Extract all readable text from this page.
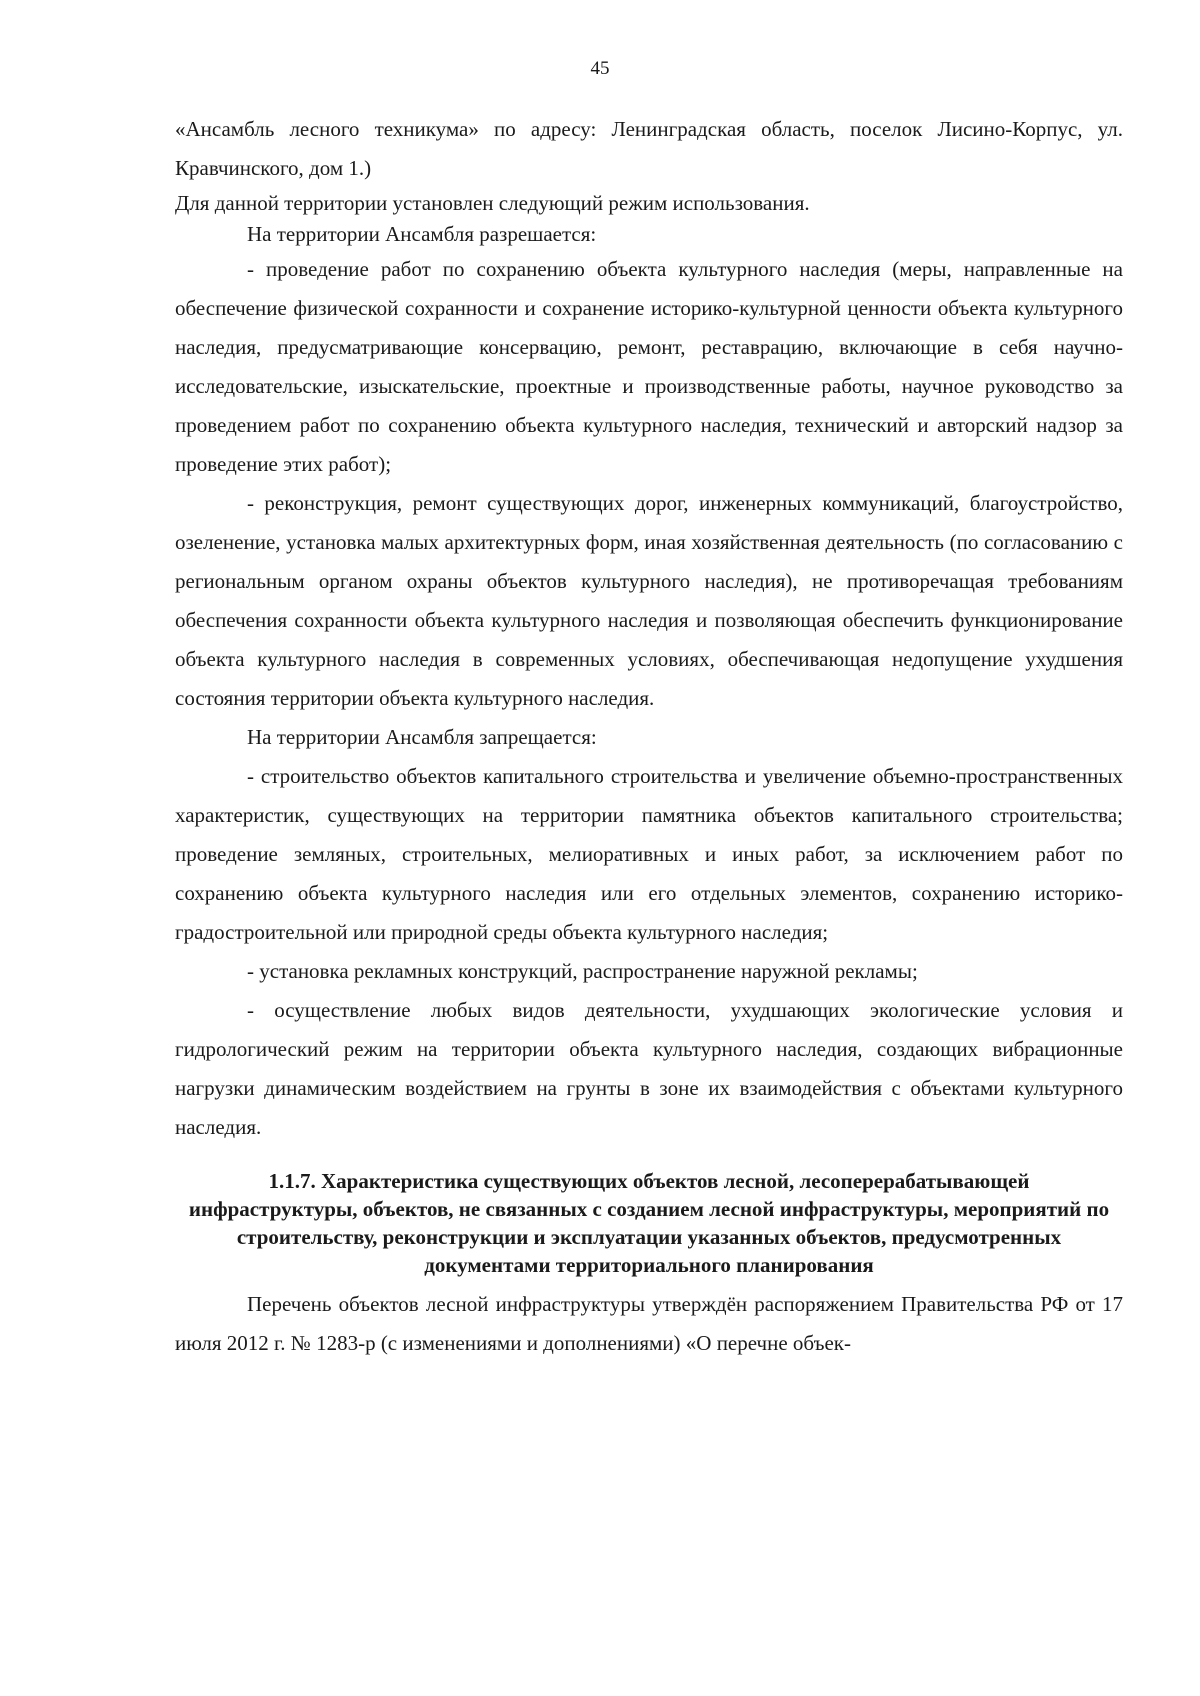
45

«Ансамбль лесного техникума» по адресу: Ленинградская область, поселок Лисино-Корпус, ул. Кравчинского, дом 1.)

Для данной территории установлен следующий режим использования.

На территории Ансамбля разрешается:

- проведение работ по сохранению объекта культурного наследия (меры, направленные на обеспечение физической сохранности и сохранение историко-культурной ценности объекта культурного наследия, предусматривающие консервацию, ремонт, реставрацию, включающие в себя научно-исследовательские, изыскательские, проектные и производственные работы, научное руководство за проведением работ по сохранению объекта культурного наследия, технический и авторский надзор за проведение этих работ);

- реконструкция, ремонт существующих дорог, инженерных коммуникаций, благоустройство, озеленение, установка малых архитектурных форм, иная хозяйственная деятельность (по согласованию с региональным органом охраны объектов культурного наследия), не противоречащая требованиям обеспечения сохранности объекта культурного наследия и позволяющая обеспечить функционирование объекта культурного наследия в современных условиях, обеспечивающая недопущение ухудшения состояния территории объекта культурного наследия.

На территории Ансамбля запрещается:

- строительство объектов капитального строительства и увеличение объемно-пространственных характеристик, существующих на территории памятника объектов капитального строительства; проведение земляных, строительных, мелиоративных и иных работ, за исключением работ по сохранению объекта культурного наследия или его отдельных элементов, сохранению историко-градостроительной или природной среды объекта культурного наследия;

- установка рекламных конструкций, распространение наружной рекламы;

- осуществление любых видов деятельности, ухудшающих экологические условия и гидрологический режим на территории объекта культурного наследия, создающих вибрационные нагрузки динамическим воздействием на грунты в зоне их взаимодействия с объектами культурного наследия.

1.1.7. Характеристика существующих объектов лесной, лесоперерабатывающей инфраструктуры, объектов, не связанных с созданием лесной инфраструктуры, мероприятий по строительству, реконструкции и эксплуатации указанных объектов, предусмотренных документами территориального планирования

Перечень объектов лесной инфраструктуры утверждён распоряжением Правительства РФ от 17 июля 2012 г. № 1283-р (с изменениями и дополнениями) «О перечне объек-
